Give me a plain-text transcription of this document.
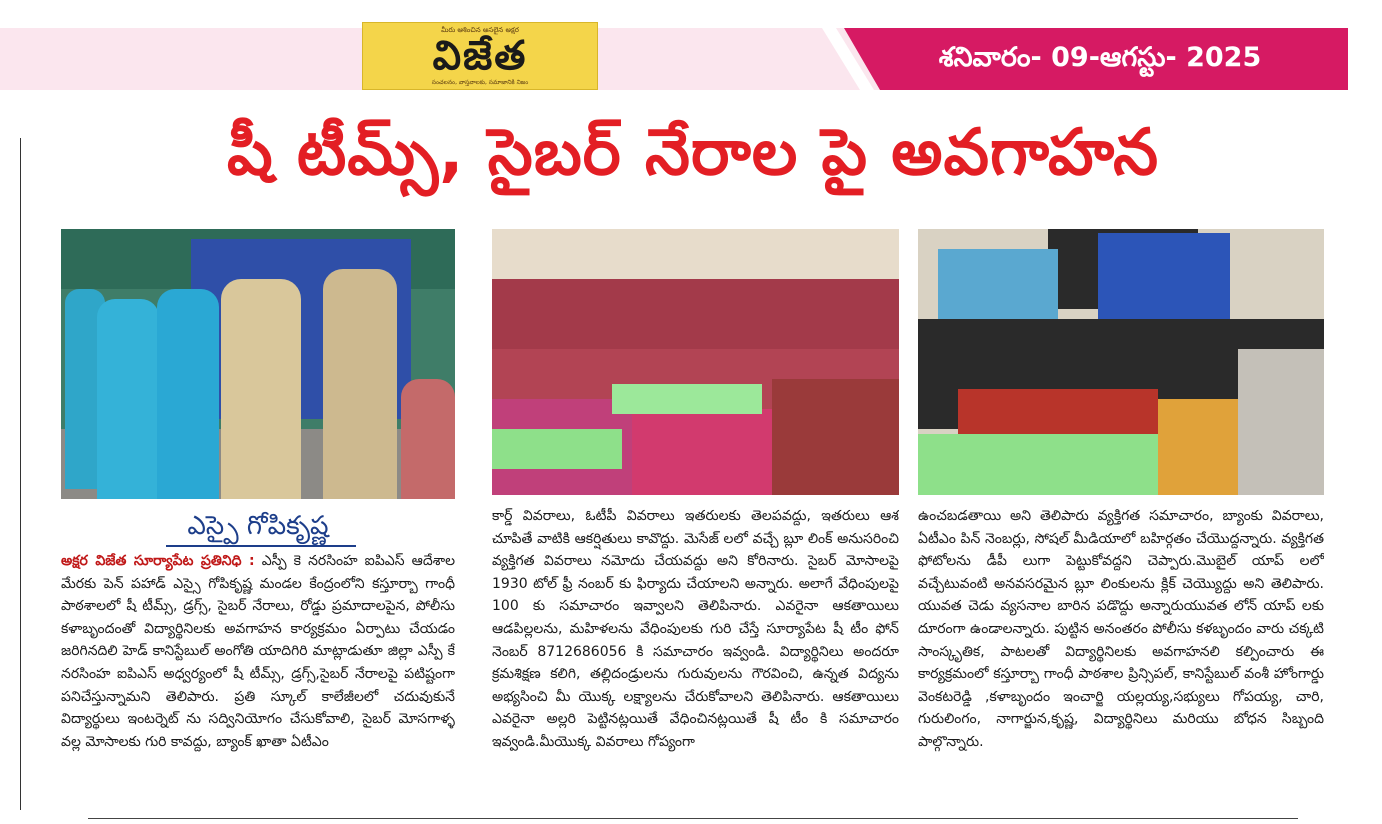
మీరు ఆశించిన అసలైన అక్షర
విజేత
సంచలనం, వాస్తవాలకు, సమాజానికి నిజం
శనివారం- 09-ఆగస్టు- 2025
షీ టీమ్స్, సైబర్ నేరాల పై అవగాహన
ఎస్పై గోపికృష్ణ
అక్షర విజేత సూర్యాపేట ప్రతినిధి : ఎస్పీ కె నరసింహ ఐపిఎస్ ఆదేశాల మేరకు పెన్ పహాడ్ ఎస్సై గోపికృష్ణ మండల కేంద్రంలోని కస్తూర్బా గాంధీ పాఠశాలలో షీ టీమ్స్, డ్రగ్స్, సైబర్ నేరాలు, రోడ్డు ప్రమాదాలపైన, పోలీసు కళాబృందంతో విద్యార్థినిలకు అవగాహన కార్యక్రమం ఏర్పాటు చేయడం జరిగినదిలి హెడ్ కానిస్టేబుల్ అంగోతి యాదిగిరి మాట్లాడుతూ జిల్లా ఎస్పీ కే నరసింహ ఐపిఎస్ అధ్వర్యంలో షీ టీమ్స్, డ్రగ్స్,సైబర్ నేరాలపై పటిష్టంగా పనిచేస్తున్నామని తెలిపారు. ప్రతి స్కూల్ కాలేజీలలో చదువుకునే విద్యార్థులు ఇంటర్నెట్ ను సద్వినియోగం చేసుకోవాలి, సైబర్ మోసగాళ్ళ వల్ల మోసాలకు గురి కావద్దు, బ్యాంక్ ఖాతా ఏటీఎం
కార్డ్ వివరాలు, ఓటీపీ వివరాలు ఇతరులకు తెలపవద్దు, ఇతరులు ఆశ చూపితే వాటికి ఆకర్షితులు కావొద్దు. మెసేజ్ లలో వచ్చే బ్లూ లింక్ అనుసరించి వ్యక్తిగత వివరాలు నమోదు చేయవద్దు అని కోరినారు. సైబర్ మోసాలపై 1930 టోల్ ఫ్రీ నంబర్ కు ఫిర్యాదు చేయాలని అన్నారు. అలాగే వేధింపులపై 100 కు సమాచారం ఇవ్వాలని తెలిపినారు. ఎవరైనా ఆకతాయిలు ఆడపిల్లలను, మహిళలను వేధింపులకు గురి చేస్తే సూర్యాపేట షీ టీం ఫోన్ నెంబర్ 8712686056 కి సమాచారం ఇవ్వండి. విద్యార్థినిలు అందరూ క్రమశిక్షణ కలిగి, తల్లిదండ్రులను గురువులను గౌరవించి, ఉన్నత విద్యను అభ్యసించి మీ యొక్క లక్ష్యాలను చేరుకోవాలని తెలిపినారు. ఆకతాయిలు ఎవరైనా అల్లరి పెట్టినట్లయితే వేధించినట్లయితే షీ టీం కి సమాచారం ఇవ్వండి.మీయొక్క వివరాలు గోప్యంగా
ఉంచబడతాయి అని తెలిపారు వ్యక్తిగత సమాచారం, బ్యాంకు వివరాలు, ఏటీఎం పిన్ నెంబర్లు, సోషల్ మీడియాలో బహిర్గతం చేయొద్దన్నారు. వ్యక్తిగత ఫోటోలను డీపీ లుగా పెట్టుకోవద్దని చెప్పారు.మొబైల్ యాప్ లలో వచ్చేటువంటి అనవసరమైన బ్లూ లింకులను క్లిక్ చెయ్యొద్దు అని తెలిపారు. యువత చెడు వ్యసనాల బారిన పడొద్దు అన్నారుయువత లోన్ యాప్ లకు దూరంగా ఉండాలన్నారు. పుట్టిన అనంతరం పోలీసు కళబృందం వారు చక్కటి సాంస్కృతిక, పాటలతో విద్యార్థినిలకు అవగాహనలి కల్పించారు ఈ కార్యక్రమంలో కస్తూర్బా గాంధీ పాఠశాల ప్రిన్సిపల్, కానిస్టేబుల్ వంశీ హోంగార్డు వెంకటరెడ్డి ,కళాబృందం ఇంచార్జి యల్లయ్య,సభ్యులు గోపయ్య, చారి, గురులింగం, నాగార్జున,కృష్ణ, విద్యార్థినిలు మరియు బోధన సిబ్బంది పాల్గొన్నారు.
